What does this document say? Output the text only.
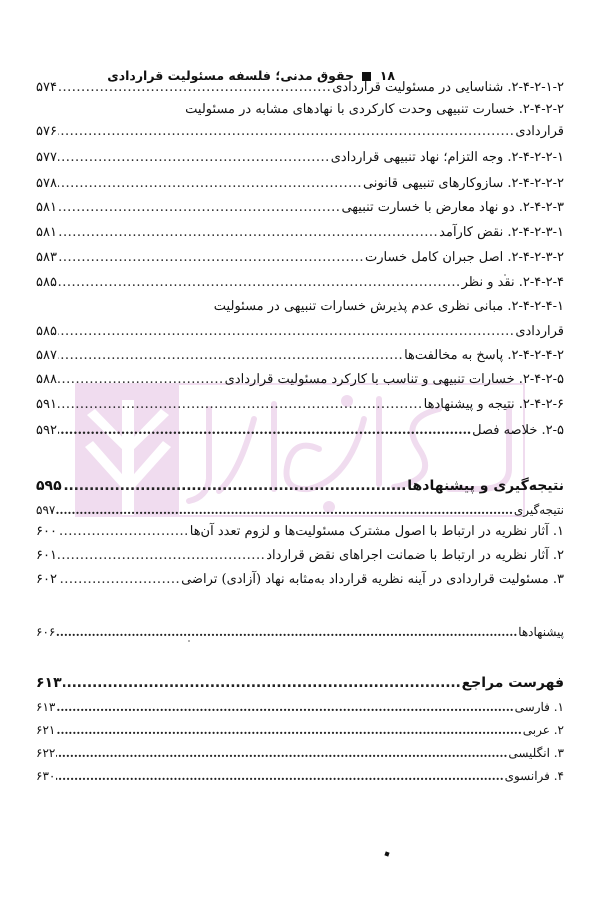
۱۸  حقوق مدنی؛ فلسفه مسئولیت قراردادی
۲-۴-۲-۱-۲. شناسایی در مسئولیت قراردادی
.....
۵۷۴
۲-۴-۲-۲. خسارت تنبیهی وحدت کارکردی با نهادهای مشابه در مسئولیت
قراردادی
.....
۵۷۶
۲-۴-۲-۲-۱. وجه التزام؛ نهاد تنبیهی قراردادی
.....
۵۷۷
۲-۴-۲-۲-۲. سازوکارهای تنبیهی قانونی
.....
۵۷۸
۲-۴-۲-۳. دو نهاد معارض با خسارت تنبیهی
.....
۵۸۱
۲-۴-۲-۳-۱. نقض کارآمد
.....
۵۸۱
۲-۴-۲-۳-۲. اصل جبران کامل خسارت
.....
۵۸۳
۲-۴-۲-۴. نقد و نظر
.....
۵۸۵
۲-۴-۲-۴-۱. مبانی نظری عدم پذیرش خسارات تنبیهی در مسئولیت
قراردادی
.....
۵۸۵
۲-۴-۲-۴-۲. پاسخ به مخالفت‌ها
.....
۵۸۷
۲-۴-۲-۵. خسارات تنبیهی و تناسب با کارکرد مسئولیت قراردادی
.....
۵۸۸
۲-۴-۲-۶. نتیجه و پیشنهادها
.....
۵۹۱
۲-۵. خلاصه فصل
.....
۵۹۲
نتیجه‌گیری و پیشنهادها
.....
۵۹۵
نتیجه‌گیری
.....
۵۹۷
۱. آثار نظریه در ارتباط با اصول مشترک مسئولیت‌ها و لزوم تعدد آن‌ها
.....
۶۰۰
۲. آثار نظریه در ارتباط با ضمانت اجراهای نقض قرارداد
.....
۶۰۱
۳. مسئولیت قراردادی در آینه نظریه قرارداد به‌مثابه نهاد (آزادی) تراضی
.....
۶۰۲
پیشنهادها
.....
۶۰۶
فهرست مراجع
.....
۶۱۳
۱. فارسی
.....
۶۱۳
۲. عربی
.....
۶۲۱
۳. انگلیسی
.....
۶۲۲
۴. فرانسوی
.....
۶۳۰
